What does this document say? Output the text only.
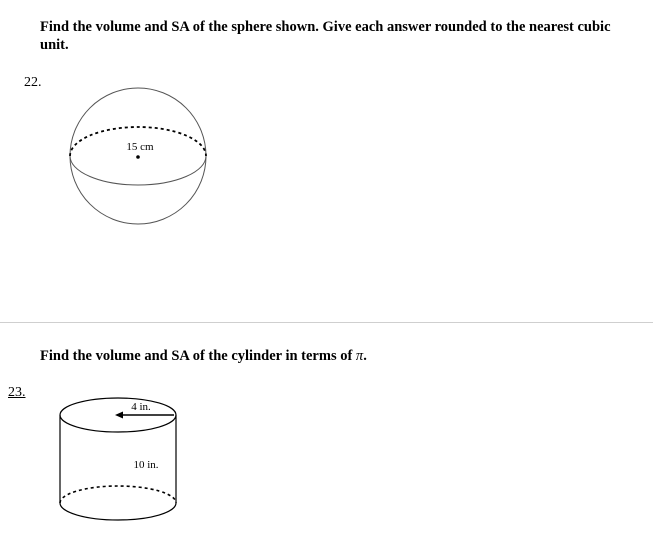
Find the volume and SA of the sphere shown. Give each answer rounded to the nearest cubic unit.

22.
15 cm

Find the volume and SA of the cylinder in terms of π.

23.
4 in.
10 in.
